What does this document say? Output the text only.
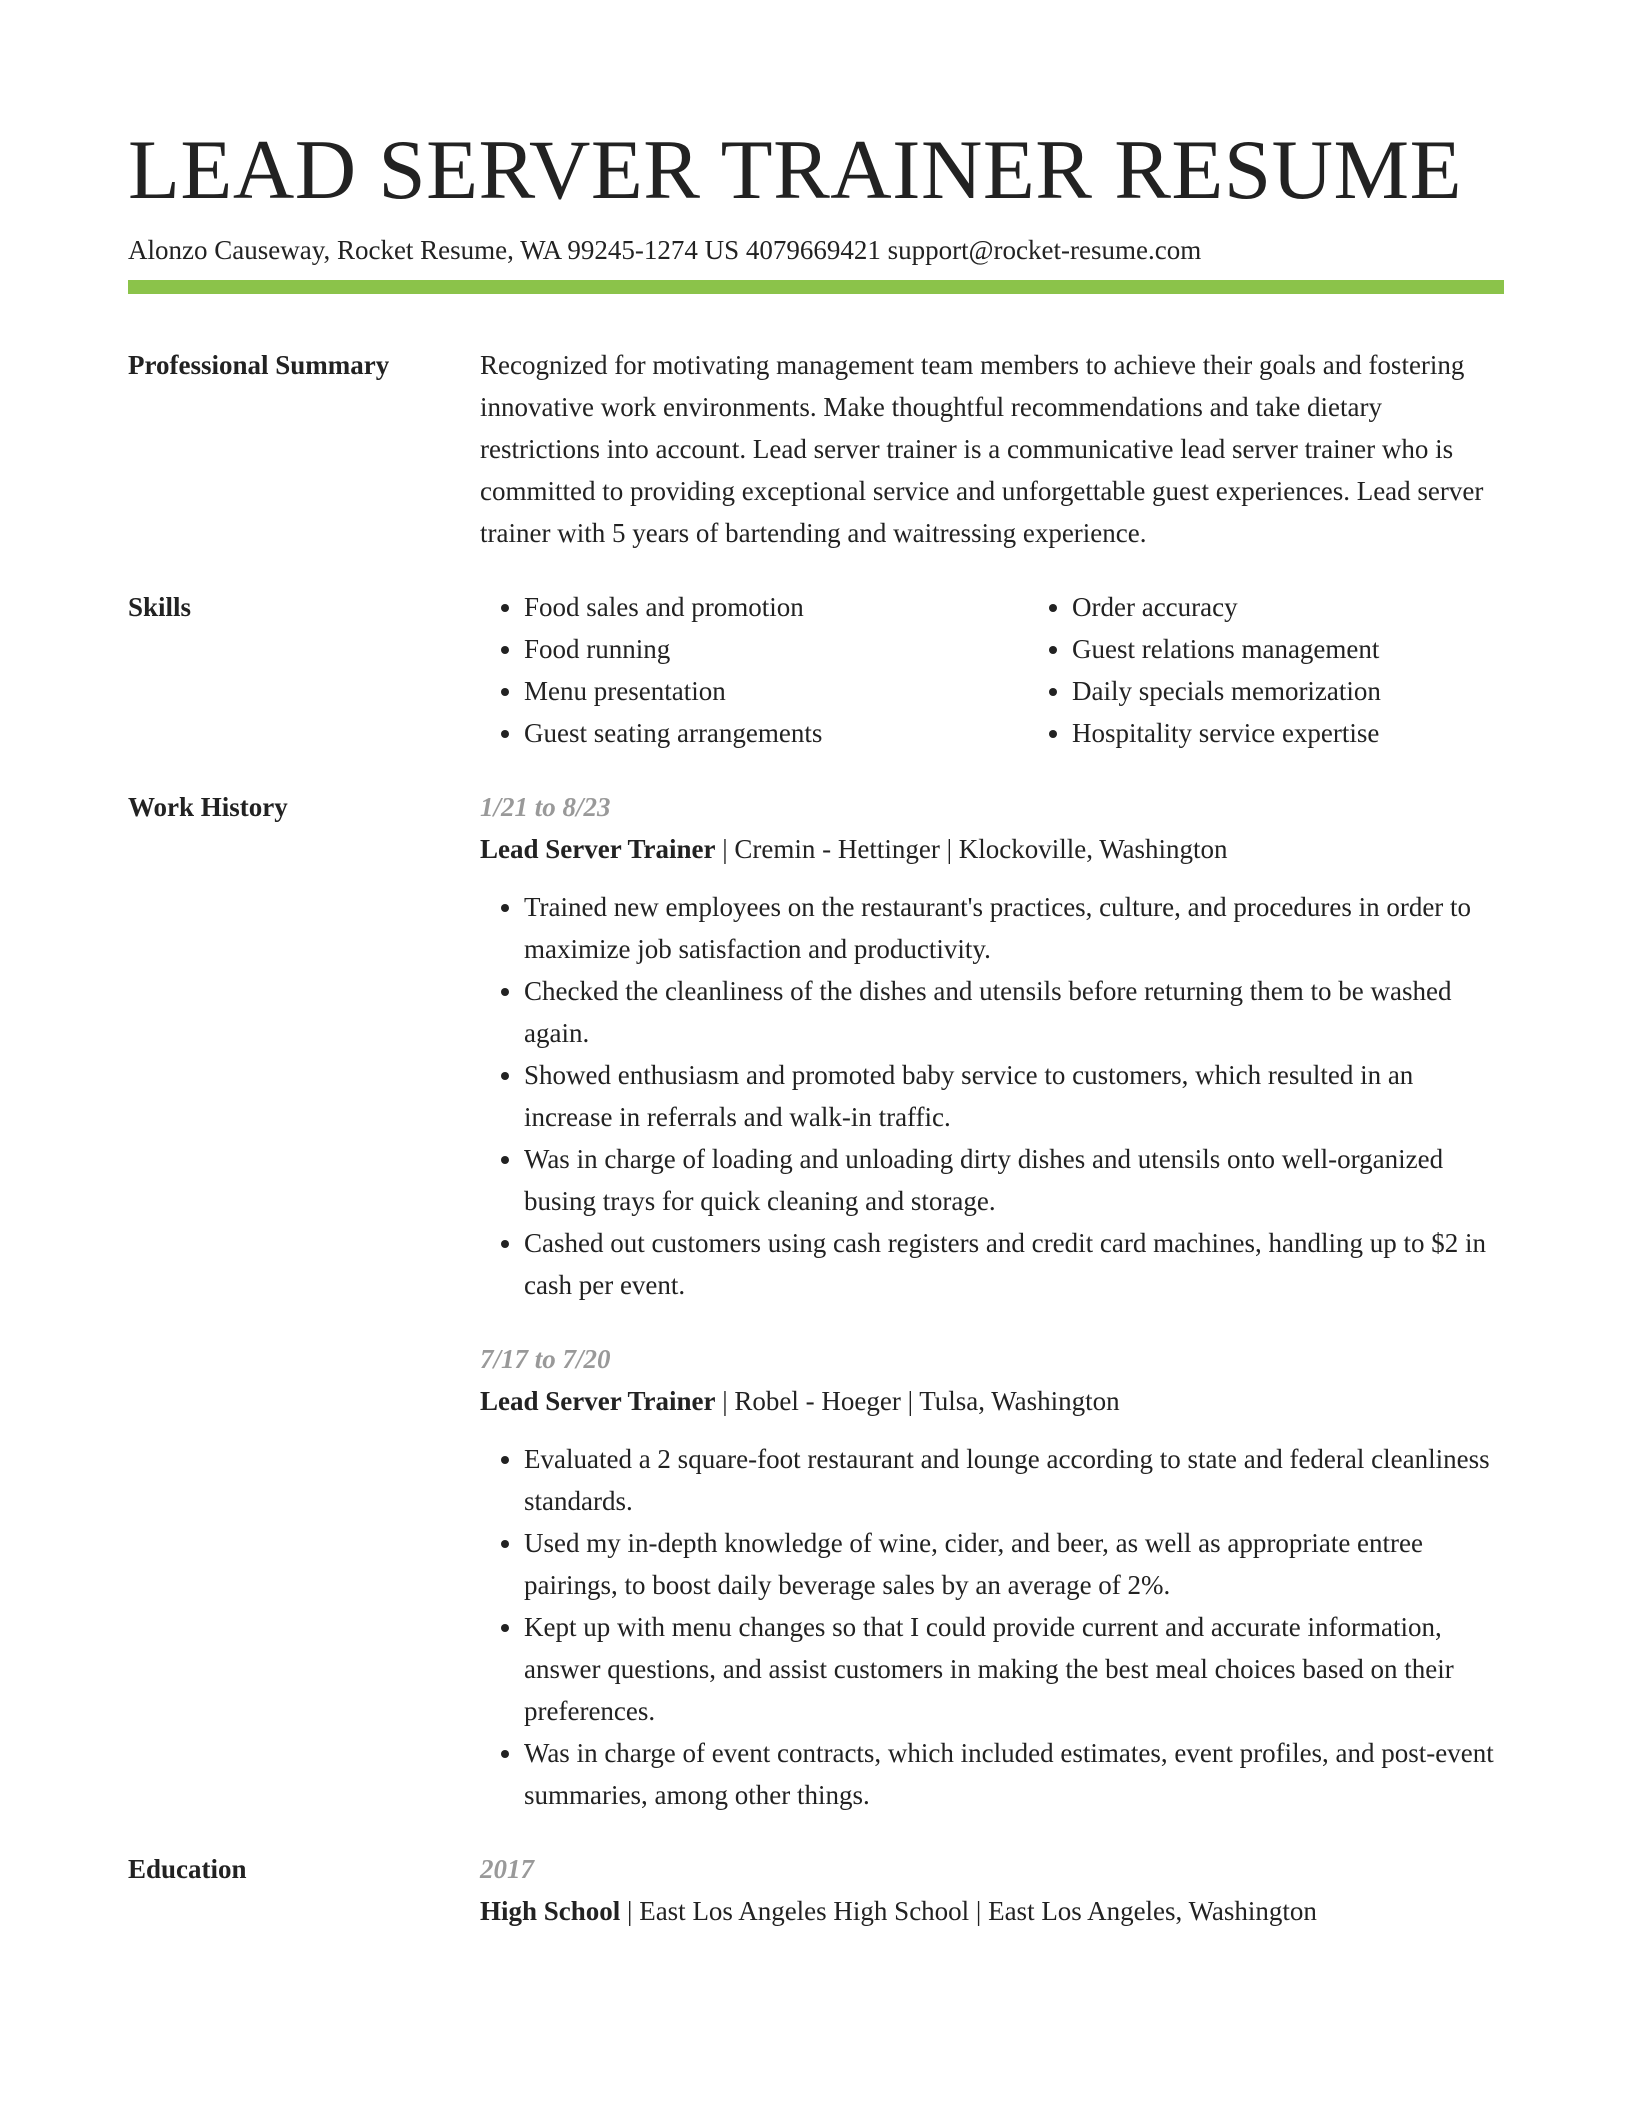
LEAD SERVER TRAINER RESUME
Alonzo Causeway, Rocket Resume, WA 99245-1274 US 4079669421 support@rocket-resume.com
Professional Summary	Recognized for motivating management team members to achieve their goals and fostering innovative work environments. Make thoughtful recommendations and take dietary restrictions into account. Lead server trainer is a communicative lead server trainer who is committed to providing exceptional service and unforgettable guest experiences. Lead server trainer with 5 years of bartending and waitressing experience.
Skills
•	Food sales and promotion
• Food running
• Menu presentation
• Guest seating arrangements
• Order accuracy
• Guest relations management
• Daily specials memorization
• Hospitality service expertise
Work History	1/21 to 8/23
Lead Server Trainer | Cremin - Hettinger | Klockoville, Washington
• Trained new employees on the restaurant's practices, culture, and procedures in order to maximize job satisfaction and productivity.
• Checked the cleanliness of the dishes and utensils before returning them to be washed again.
• Showed enthusiasm and promoted baby service to customers, which resulted in an increase in referrals and walk-in traffic.
• Was in charge of loading and unloading dirty dishes and utensils onto well-organized busing trays for quick cleaning and storage.
• Cashed out customers using cash registers and credit card machines, handling up to $2 in cash per event.
7/17 to 7/20
Lead Server Trainer | Robel - Hoeger | Tulsa, Washington
• Evaluated a 2 square-foot restaurant and lounge according to state and federal cleanliness standards.
• Used my in-depth knowledge of wine, cider, and beer, as well as appropriate entree pairings, to boost daily beverage sales by an average of 2%.
• Kept up with menu changes so that I could provide current and accurate information, answer questions, and assist customers in making the best meal choices based on their preferences.
• Was in charge of event contracts, which included estimates, event profiles, and post-event summaries, among other things.
Education	2017
High School | East Los Angeles High School | East Los Angeles, Washington
